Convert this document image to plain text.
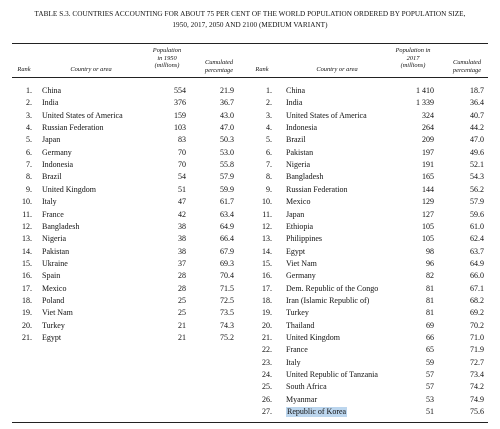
TABLE S.3. COUNTRIES ACCOUNTING FOR ABOUT 75 PER CENT OF THE WORLD POPULATION ORDERED BY POPULATION SIZE,
1950, 2017, 2050 AND 2100 (MEDIUM VARIANT)
Rank	Country or area
Population
in 1950
(millions)	Cumulated
percentage	Rank	Country or area
Population in
2017
(millions)	Cumulated
percentage
1. China	554	21.9
2. India	376	36.7
3. United States of America	159	43.0
4. Russian Federation	103	47.0
5. Japan	83	50.3
6. Germany	70	53.0
7. Indonesia	70	55.8
8. Brazil	54	57.9
9. United Kingdom	51	59.9
10. Italy	47	61.7
11. France	42	63.4
12. Bangladesh	38	64.9
13. Nigeria	38	66.4
14. Pakistan	38	67.9
15. Ukraine	37	69.3
16. Spain	28	70.4
17. Mexico	28	71.5
18. Poland	25	72.5
19. Viet Nam	25	73.5
20. Turkey	21	74.3
21. Egypt	21	75.2
1. China	1 410	18.7
2. India	1 339	36.4
3. United States of America	324	40.7
4. Indonesia	264	44.2
5. Brazil	209	47.0
6. Pakistan	197	49.6
7. Nigeria	191	52.1
8. Bangladesh	165	54.3
9. Russian Federation	144	56.2
10. Mexico	129	57.9
11. Japan	127	59.6
12. Ethiopia	105	61.0
13. Philippines	105	62.4
14. Egypt	98	63.7
15. Viet Nam	96	64.9
16. Germany	82	66.0
17. Dem. Republic of the Congo	81	67.1
18. Iran (Islamic Republic of)	81	68.2
19. Turkey	81	69.2
20. Thailand	69	70.2
21. United Kingdom	66	71.0
22. France	65	71.9
23. Italy	59	72.7
24. United Republic of Tanzania	57	73.4
25. South Africa	57	74.2
26. Myanmar	53	74.9
27. Republic of Korea	51	75.6
